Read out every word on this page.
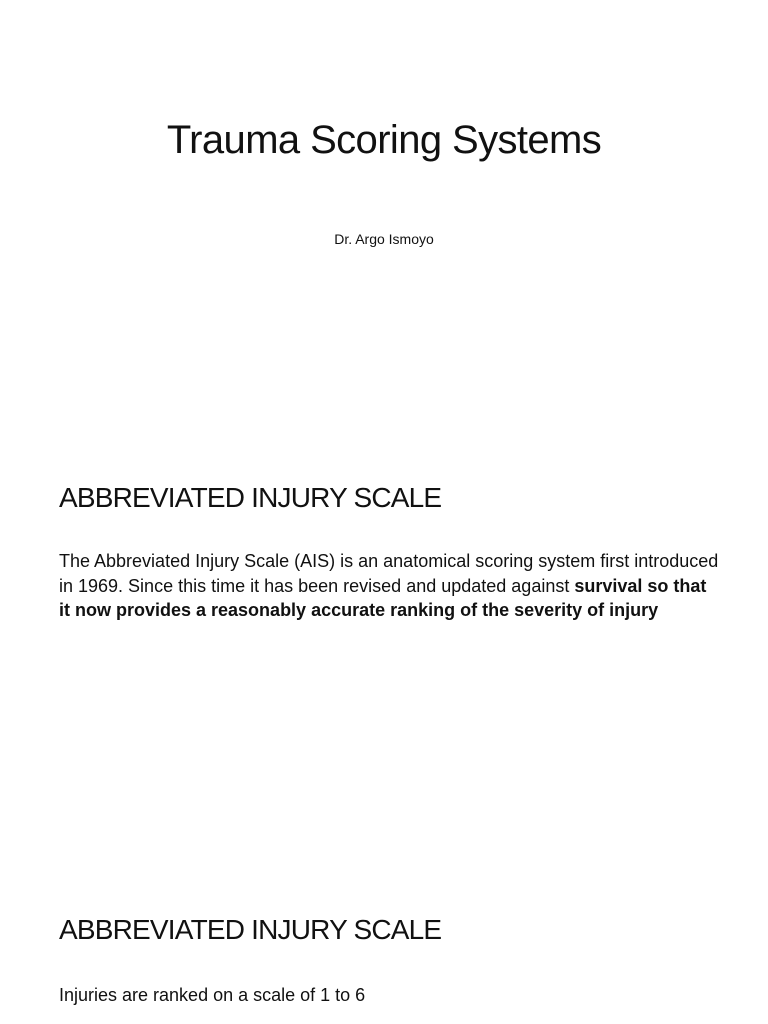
Trauma Scoring Systems
Dr. Argo Ismoyo
ABBREVIATED INJURY SCALE
The Abbreviated Injury Scale (AIS) is an anatomical scoring system first introduced in 1969. Since this time it has been revised and updated against survival so that it now provides a reasonably accurate ranking of the severity of injury
ABBREVIATED INJURY SCALE
Injuries are ranked on a scale of 1 to 6
